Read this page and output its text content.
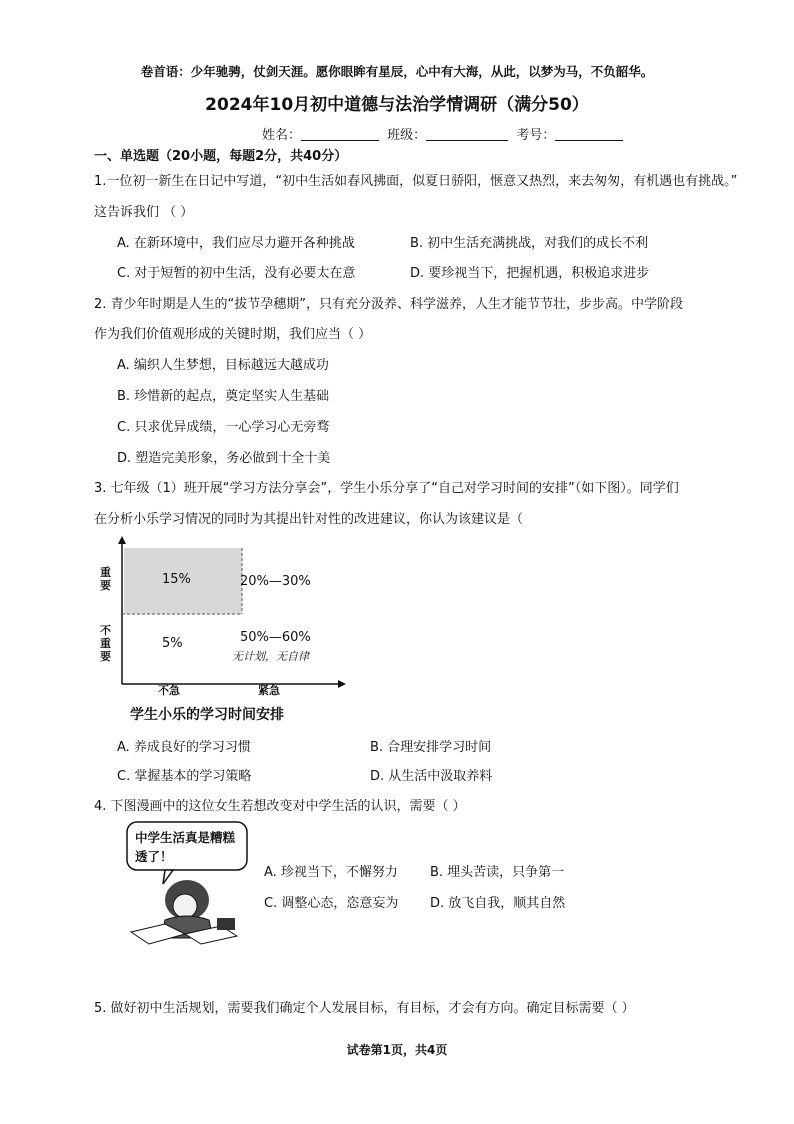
卷首语：少年驰骋，仗剑天涯。愿你眼眸有星辰，心中有大海，从此，以梦为马，不负韶华。
2024年10月初中道德与法治学情调研（满分50）
姓名：	班级：	考号：
一、单选题（20小题，每题2分，共40分）
1.一位初一新生在日记中写道，“初中生活如春风拂面，似夏日骄阳，惬意又热烈，来去匆匆，有机遇也有挑战。”
这告诉我们 （ ）
A. 在新环境中，我们应尽力避开各种挑战	B. 初中生活充满挑战，对我们的成长不利
C. 对于短暂的初中生活，没有必要太在意	D. 要珍视当下，把握机遇，积极追求进步
2. 青少年时期是人生的“拔节孕穗期”，只有充分汲养、科学滋养，人生才能节节壮，步步高。中学阶段
作为我们价值观形成的关键时期，我们应当（ ）
A. 编织人生梦想，目标越远大越成功
B. 珍惜新的起点，奠定坚实人生基础
C. 只求优异成绩，一心学习心无旁骛
D. 塑造完美形象，务必做到十全十美
3. 七年级（1）班开展“学习方法分享会”，学生小乐分享了“自己对学习时间的安排”（如下图）。同学们
在分析小乐学习情况的同时为其提出针对性的改进建议，你认为该建议是（
重要
不重要
15%	20%—30%
5%	50%—60%
无计划，无自律
不急	紧急
学生小乐的学习时间安排
A. 养成良好的学习习惯	B. 合理安排学习时间
C. 掌握基本的学习策略	D. 从生活中汲取养料
4. 下图漫画中的这位女生若想改变对中学生活的认识，需要（ ）
中学生活真是糟糕透了！
A. 珍视当下，不懈努力 B. 埋头苦读，只争第一
C. 调整心态，恣意妄为 D. 放飞自我，顺其自然
5. 做好初中生活规划，需要我们确定个人发展目标，有目标，才会有方向。确定目标需要（ ）
试卷第1页，共4页
